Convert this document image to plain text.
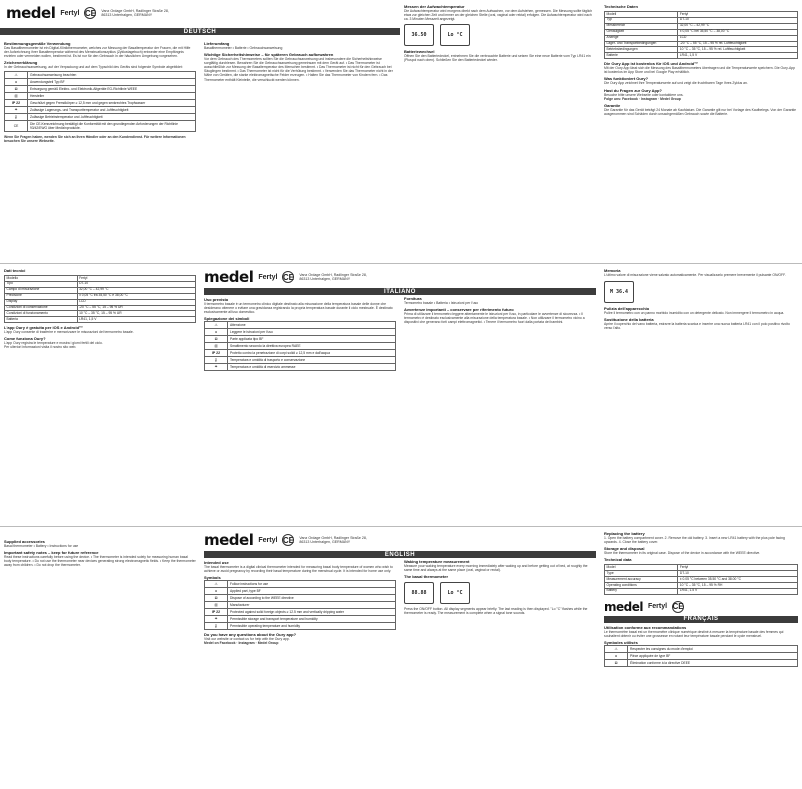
medel Fertyl CE Vanz Ordage GmbH, Radlinger Straße 28, 86313 Unterhalgen, GERMANY
DEUTSCH
Bestimmungsgemäße Verwendung
Das Basalthermometer ist ein Digital-Klinikthermometer, welches zur Messung der Basaltemperatur der Frauen, die mit Hilfe der Aufzeichnung ihrer Basaltemperatur während des Menstruationszyklus (Zyklustagebuch) entweder eine Empfängnis erzielen oder vermeiden wollen, bestimmt ist. Es ist nur für den Gebrauch in der häuslichen Umgebung vorgesehen.
Zeichenerklärung
In der Gebrauchsanweisung, auf der Verpackung und auf dem Typschild des Geräts sind folgende Symbole abgebildet:
⚠	Gebrauchsanweisung beachten
⧈	Anwendungsteil Typ BF
⊠	Entsorgung gemäß Elektro- und Elektronik-Altgeräte EG-Richtlinie WEEE
▥	Hersteller
IP 22	Geschützt gegen Fremdkörper ≥ 12,5 mm und gegen senkrechtes Tropfwasser
☂	Zulässige Lagerungs- und Transporttemperatur und -luftfeuchtigkeit
🌡	Zulässige Betriebstemperatur und -luftfeuchtigkeit
CE	Die CE-Kennzeichnung bestätigt die Konformität mit den grundlegenden Anforderungen der Richtlinie 93/42/EWG über Medizinprodukte.
Wenn Sie Fragen haben, wenden Sie sich an Ihren Händler oder an den Kundendienst. Für weitere Informationen besuchen Sie unsere Webseite.
Lieferumfang
Basalthermometer • Batterie • Gebrauchsanweisung
Wichtige Sicherheitshinweise – für späteren Gebrauch aufbewahren
Vor dem Gebrauch des Thermometers sollten Sie die Gebrauchsanweisung und insbesondere die Sicherheitshinweise sorgfältig durchlesen. Bewahren Sie die Gebrauchsanweisung gemeinsam mit dem Gerät auf. • Das Thermometer ist ausschließlich zur Messung der Basaltemperatur des Menschen bestimmt. • Das Thermometer ist nicht für den Gebrauch bei Säuglingen bestimmt. • Das Thermometer ist nicht für die Verhütung bestimmt. • Verwenden Sie das Thermometer nicht in der Nähe von Geräten, die starke elektromagnetische Felder erzeugen. • Halten Sie das Thermometer von Kindern fern. • Das Thermometer enthält Kleinteile, die verschluckt werden können.
Messen der Aufwachtemperatur
Die Aufwachtemperatur wird morgens direkt nach dem Aufwachen, vor dem Aufstehen, gemessen. Die Messung sollte täglich etwa zur gleichen Zeit und immer an der gleichen Stelle (oral, vaginal oder rektal) erfolgen. Die Aufwachtemperatur wird nach ca. 3 Minuten Messzeit angezeigt.
36.50	Lo °C
Batteriewechsel
Öffnen Sie den Batteriedeckel, entnehmen Sie die verbrauchte Batterie und setzen Sie eine neue Batterie vom Typ LR41 ein (Pluspol nach oben). Schließen Sie den Batteriedeckel wieder.
Technische Daten
Modell	Fertyl
Typ	DT-10
Messbereich	32,00 °C – 42,99 °C
Genauigkeit	± 0,05 °C bei 35,50 °C – 38,00 °C
Anzeige	LCD
Lager- und Transportbedingungen	-20 °C – 55 °C, 15 – 95 % rel. Luftfeuchtigkeit
Betriebsbedingungen	10 °C – 35 °C, 15 – 95 % rel. Luftfeuchtigkeit
Batterie	LR41, 1,5 V
Die Oury App ist kostenlos für iOS und Android™
Mit der Oury App lässt sich die Messung des Basalthermometers übertragen und die Temperaturwerte speichern. Die Oury-App ist kostenlos im App Store und bei Google Play erhältlich.
Was funktioniert Oury?
Die Oury App zeichnet Ihre Temperaturwerte auf und zeigt die fruchtbaren Tage Ihres Zyklus an.
Hast du Fragen zur Oury App?
Besuche bitte unsere Webseite oder kontaktiere uns.
Folge uns: Facebook · Instagram · Medel Group
Garantie
Die Garantie für das Gerät beträgt 24 Monate ab Kaufdatum. Die Garantie gilt nur bei Vorlage des Kaufbelegs. Von der Garantie ausgenommen sind Schäden durch unsachgemäßen Gebrauch sowie die Batterie.
Dati tecnici
Modello	Fertyl
Tipo	DT-10
Campo di misurazione	32,00 °C – 42,99 °C
Precisione	± 0,05 °C tra 35,50 °C e 38,00 °C
Display	LCD
Condizioni di conservazione	-20 °C – 55 °C, 15 – 95 % UR
Condizioni di funzionamento	10 °C – 35 °C, 15 – 95 % UR
Batteria	LR41, 1,5 V
L'app Oury è gratuita per iOS e Android™
L'app Oury consente di trasferire e memorizzare le misurazioni del termometro basale.
Come funziona Oury?
L'app Oury registra le temperature e mostra i giorni fertili del ciclo.
Per ulteriori informazioni visita il nostro sito web.
medel Fertyl CE Vanz Ordage GmbH, Radlinger Straße 28, 86313 Unterhalgen, GERMANY
ITALIANO
Uso previsto
Il termometro basale è un termometro clinico digitale destinato alla misurazione della temperatura basale delle donne che desiderano ottenere o evitare una gravidanza registrando la propria temperatura basale durante il ciclo mestruale. È destinato esclusivamente all'uso domestico.
Spiegazione dei simboli
⚠	Attenzione
⧈	Leggere le istruzioni per l'uso
⊠	Parte applicata tipo BF
▥	Smaltimento secondo la direttiva europea RAEE
IP 22	Protetto contro la penetrazione di corpi solidi ≥ 12,5 mm e dall'acqua
🌡	Temperatura e umidità di trasporto e conservazione
☂	Temperatura e umidità di esercizio ammesse
Fornitura
Termometro basale • Batteria • Istruzioni per l'uso
Avvertenze importanti – conservare per riferimento futuro
Prima di utilizzare il termometro leggere attentamente le istruzioni per l'uso, in particolare le avvertenze di sicurezza. • Il termometro è destinato esclusivamente alla misurazione della temperatura basale. • Non utilizzare il termometro vicino a dispositivi che generano forti campi elettromagnetici. • Tenere il termometro fuori dalla portata dei bambini.
Memoria
L'ultimo valore di misurazione viene salvato automaticamente. Per visualizzarlo premere brevemente il pulsante ON/OFF.
M 36.4
Pulizia dell'apparecchio
Pulire il termometro con un panno morbido inumidito con un detergente delicato. Non immergere il termometro in acqua.
Sostituzione della batteria
Aprire il coperchio del vano batteria, estrarre la batteria scarica e inserire una nuova batteria LR41 con il polo positivo rivolto verso l'alto.
Supplied accessories
Basal thermometer • Battery • Instructions for use
Important safety notes – keep for future reference
Read these instructions carefully before using the device. • The thermometer is intended solely for measuring human basal body temperature. • Do not use the thermometer near devices generating strong electromagnetic fields. • Keep the thermometer away from children. • Do not drop the thermometer.
medel Fertyl CE Vanz Ordage GmbH, Radlinger Straße 28, 86313 Unterhalgen, GERMANY
ENGLISH
Intended use
The basal thermometer is a digital clinical thermometer intended for measuring basal body temperature of women who wish to achieve or avoid pregnancy by recording their basal temperature during the menstrual cycle. It is intended for home use only.
Symbols
⚠	Follow instructions for use
⧈	Applied part, type BF
⊠	Dispose of according to the WEEE directive
▥	Manufacturer
IP 22	Protected against solid foreign objects ≥ 12.5 mm and vertically dripping water
☂	Permissible storage and transport temperature and humidity
🌡	Permissible operating temperature and humidity
Do you have any questions about the Oury app?
Visit our website or contact us for help with the Oury app.
Medel on Facebook · Instagram · Medel Group
Waking temperature measurement
Measure your waking temperature every morning immediately after waking up and before getting out of bed, at roughly the same time and always at the same place (oral, vaginal or rectal).
The basal thermometer
88.88	Lo °C
Press the ON/OFF button. All display segments appear briefly. The last reading is then displayed. "Lo °C" flashes while the thermometer is ready. The measurement is complete when a signal tone sounds.
Replacing the battery
1. Open the battery compartment cover. 2. Remove the old battery. 3. Insert a new LR41 battery with the plus pole facing upwards. 4. Close the battery cover.
Storage and disposal
Store the thermometer in its original case. Dispose of the device in accordance with the WEEE directive.
Technical data
Model	Fertyl
Type	DT-10
Measurement accuracy	± 0.05 °C between 35.50 °C and 38.00 °C
Operating conditions	10 °C – 35 °C, 15 – 95 % RH
Battery	LR41, 1.5 V
medel Fertyl CE
FRANÇAIS
Utilisation conforme aux recommandations
Le thermomètre basal est un thermomètre clinique numérique destiné à mesurer la température basale des femmes qui souhaitent obtenir ou éviter une grossesse en notant leur température basale pendant le cycle menstruel.
Symboles utilisés
⚠	Respecter les consignes du mode d'emploi
⧈	Pièce appliquée de type BF
⊠	Élimination conforme à la directive DEEE
